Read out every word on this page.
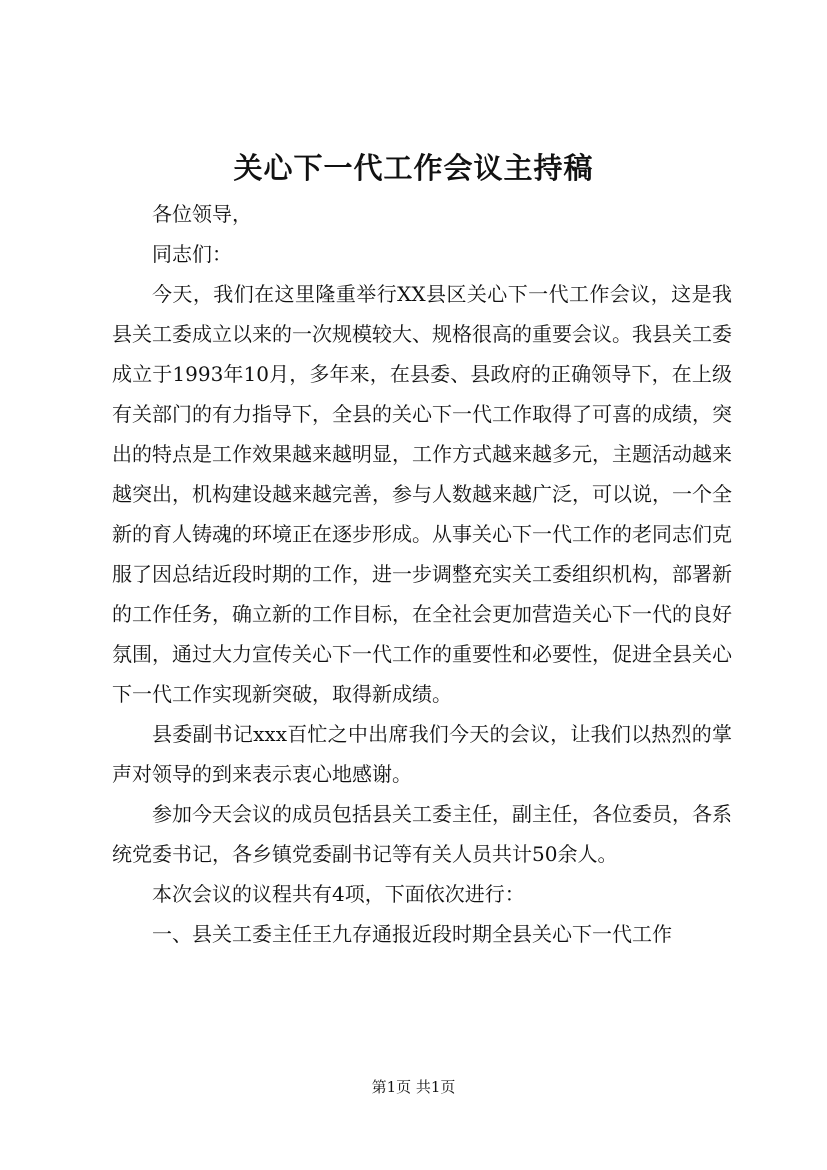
关心下一代工作会议主持稿

各位领导，

同志们：

今天，我们在这里隆重举行XX县区关心下一代工作会议，这是我县关工委成立以来的一次规模较大、规格很高的重要会议。我县关工委成立于1993年10月，多年来，在县委、县政府的正确领导下，在上级有关部门的有力指导下，全县的关心下一代工作取得了可喜的成绩，突出的特点是工作效果越来越明显，工作方式越来越多元，主题活动越来越突出，机构建设越来越完善，参与人数越来越广泛，可以说，一个全新的育人铸魂的环境正在逐步形成。从事关心下一代工作的老同志们克服了因总结近段时期的工作，进一步调整充实关工委组织机构，部署新的工作任务，确立新的工作目标，在全社会更加营造关心下一代的良好氛围，通过大力宣传关心下一代工作的重要性和必要性，促进全县关心下一代工作实现新突破，取得新成绩。

县委副书记xxx百忙之中出席我们今天的会议，让我们以热烈的掌声对领导的到来表示衷心地感谢。

参加今天会议的成员包括县关工委主任，副主任，各位委员，各系统党委书记，各乡镇党委副书记等有关人员共计50余人。

本次会议的议程共有4项，下面依次进行：

一、县关工委主任王九存通报近段时期全县关心下一代工作

第1页 共1页
